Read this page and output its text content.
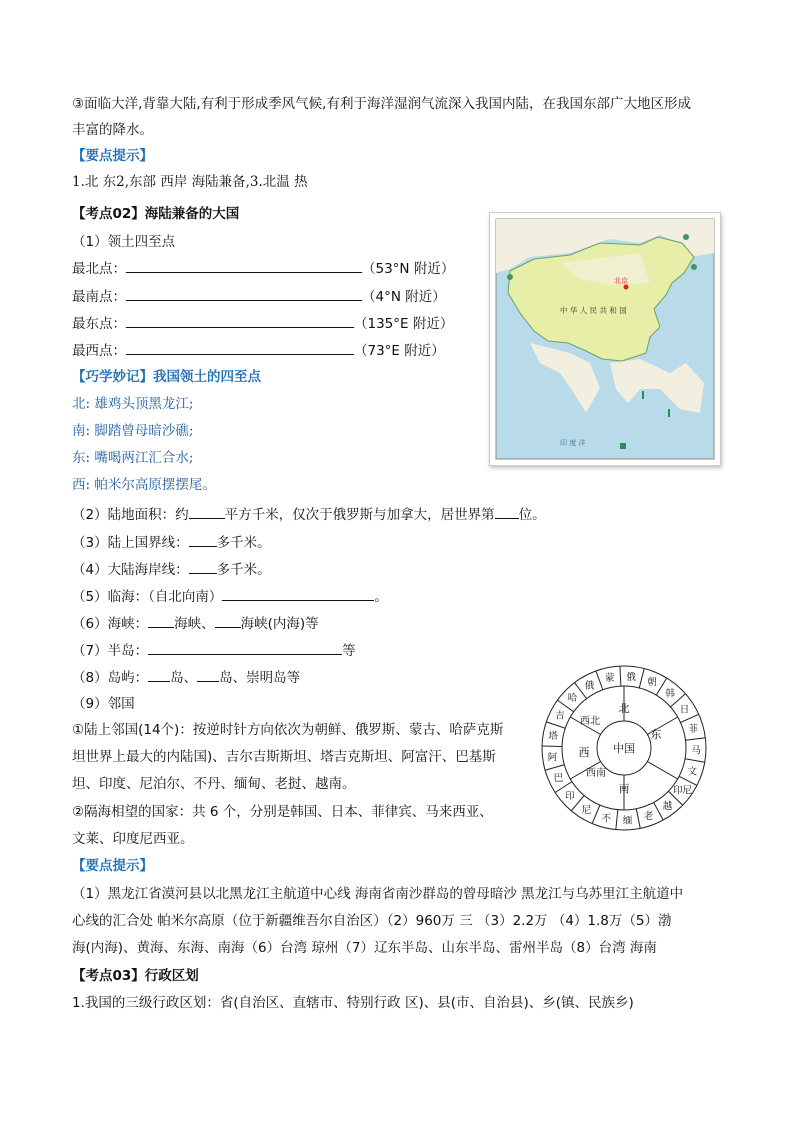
③面临大洋,背靠大陆,有利于形成季风气候,有利于海洋湿润气流深入我国内陆，在我国东部广大地区形成
丰富的降水。
【要点提示】
1.北 东2,东部 西岸 海陆兼备,3.北温 热
【考点02】海陆兼备的大国
（1）领土四至点
最北点：	（53°N 附近）
最南点：	（4°N 附近）
最东点：	（135°E 附近）
最西点：	（73°E 附近）
【巧学妙记】我国领土的四至点
北: 雄鸡头顶黑龙江;
南: 脚踏曾母暗沙礁;
东: 嘴喝两江汇合水;
西: 帕米尔高原摆摆尾。
北京
中 华 人 民 共 和 国
印 度 洋
（2）陆地面积：约	平方千米，仅次于俄罗斯与加拿大，居世界第 位。
（3）陆上国界线： 多千米。
（4）大陆海岸线： 多千米。
（5）临海：（自北向南）	。
（6）海峡： 海峡、 海峡(内海)等
（7）半岛：	等
（8）岛屿： 岛、 岛、崇明岛等
（9）邻国
①陆上邻国(14个)：按逆时针方向依次为朝鲜、俄罗斯、蒙古、哈萨克斯
坦世界上最大的内陆国)、吉尔吉斯斯坦、塔吉克斯坦、阿富汗、巴基斯
坦、印度、尼泊尔、不丹、缅甸、老挝、越南。
②隔海相望的国家：共 6 个，分别是韩国、日本、菲律宾、马来西亚、
文莱、印度尼西亚。
中国
北
东
南
西
西北
西南
蒙 俄 朝
韩
日
菲
马
文
印尼
越
老
缅
不
尼
印
巴
阿
塔
吉
哈
俄
【要点提示】
（1）黑龙江省漠河县以北黑龙江主航道中心线 海南省南沙群岛的曾母暗沙 黑龙江与乌苏里江主航道中
心线的汇合处 帕米尔高原（位于新疆维吾尔自治区）（2）960万 三 （3）2.2万 （4）1.8万（5）渤
海(内海)、黄海、东海、南海（6）台湾 琼州（7）辽东半岛、山东半岛、雷州半岛（8）台湾 海南
【考点03】行政区划
1.我国的三级行政区划：省(自治区、直辖市、特别行政 区)、县(市、自治县)、乡(镇、民族乡)
